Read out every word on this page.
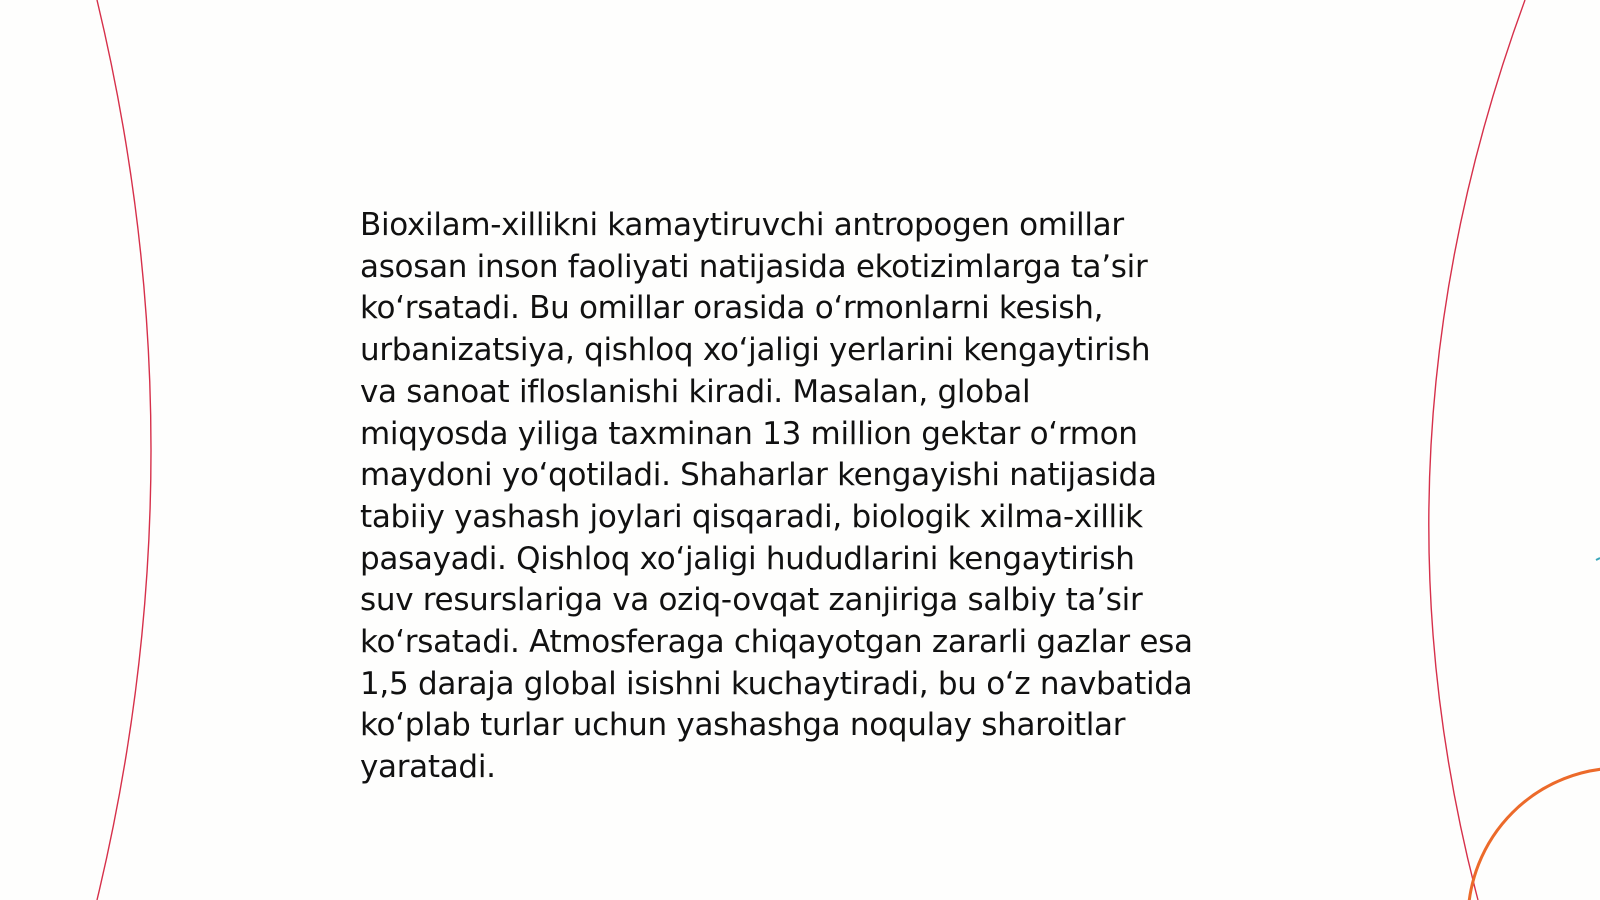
Bioxilam-xillikni kamaytiruvchi antropogen omillar
asosan inson faoliyati natijasida ekotizimlarga ta’sir
ko‘rsatadi. Bu omillar orasida o‘rmonlarni kesish,
urbanizatsiya, qishloq xo‘jaligi yerlarini kengaytirish
va sanoat ifloslanishi kiradi. Masalan, global
miqyosda yiliga taxminan 13 million gektar o‘rmon
maydoni yo‘qotiladi. Shaharlar kengayishi natijasida
tabiiy yashash joylari qisqaradi, biologik xilma-xillik
pasayadi. Qishloq xo‘jaligi hududlarini kengaytirish
suv resurslariga va oziq-ovqat zanjiriga salbiy ta’sir
ko‘rsatadi. Atmosferaga chiqayotgan zararli gazlar esa
1,5 daraja global isishni kuchaytiradi, bu o‘z navbatida
ko‘plab turlar uchun yashashga noqulay sharoitlar
yaratadi.
